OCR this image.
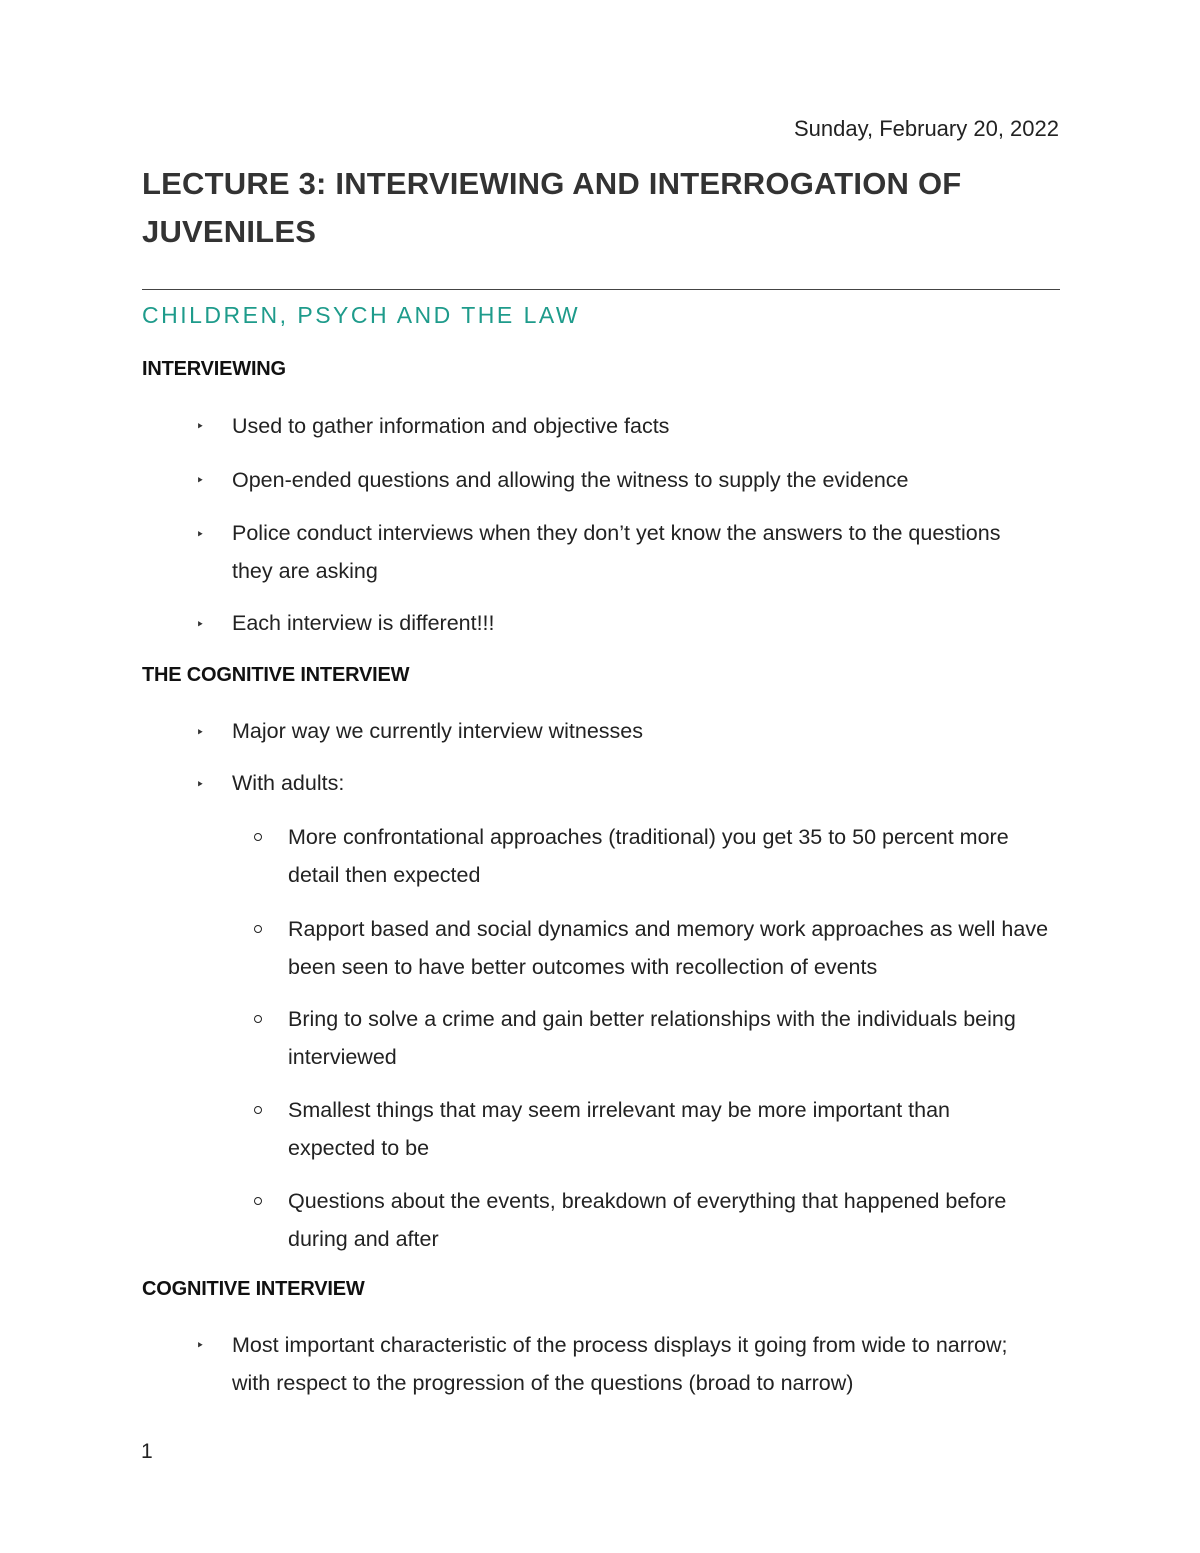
Sunday, February 20, 2022
LECTURE 3: INTERVIEWING AND INTERROGATION OF JUVENILES
CHILDREN, PSYCH AND THE LAW
INTERVIEWING
‣ Used to gather information and objective facts
‣ Open-ended questions and allowing the witness to supply the evidence
‣ Police conduct interviews when they don’t yet know the answers to the questions they are asking
‣ Each interview is different!!!
THE COGNITIVE INTERVIEW
‣ Major way we currently interview witnesses
‣ With adults:
More confrontational approaches (traditional) you get 35 to 50 percent more detail then expected
Rapport based and social dynamics and memory work approaches as well have been seen to have better outcomes with recollection of events
Bring to solve a crime and gain better relationships with the individuals being interviewed
Smallest things that may seem irrelevant may be more important than expected to be
Questions about the events, breakdown of everything that happened before during and after
COGNITIVE INTERVIEW
‣ Most important characteristic of the process displays it going from wide to narrow; with respect to the progression of the questions (broad to narrow)
1
